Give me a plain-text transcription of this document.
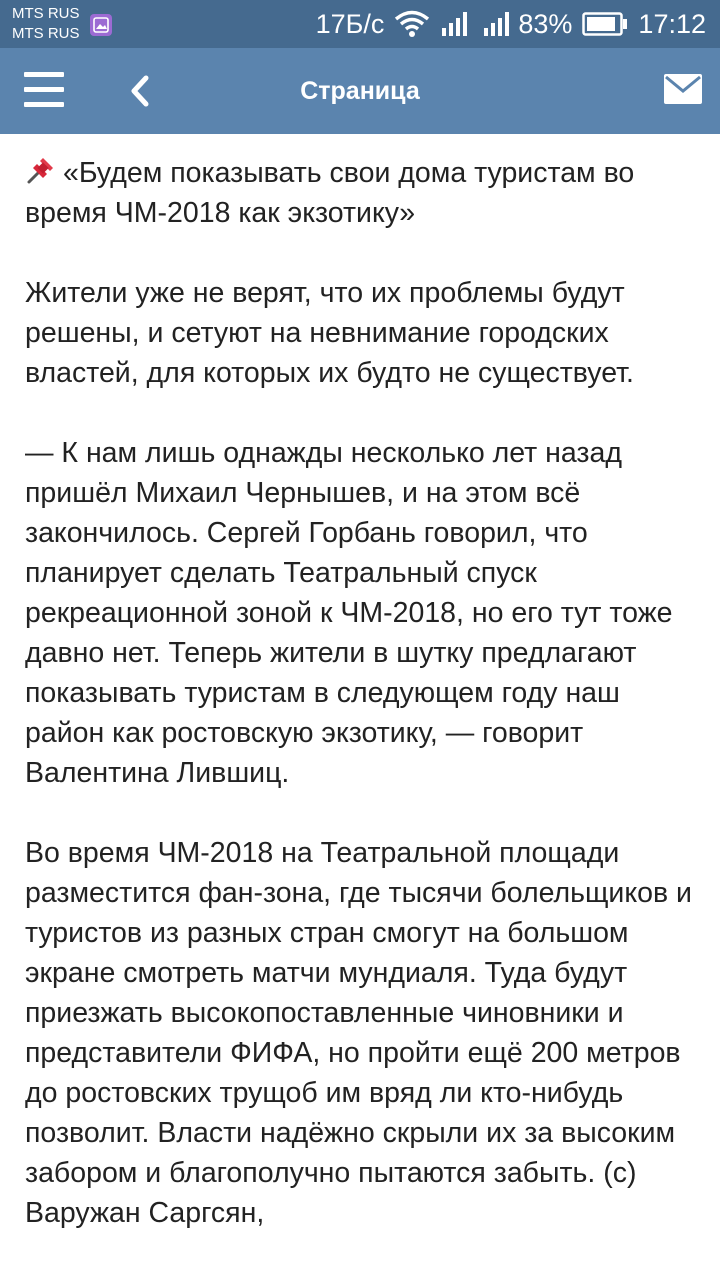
MTS RUS
MTS RUS	17Б/с	83% 17:12
Страница

«Будем показывать свои дома туристам во время ЧМ-2018 как экзотику»

Жители уже не верят, что их проблемы будут решены, и сетуют на невнимание городских властей, для которых их будто не существует.

— К нам лишь однажды несколько лет назад пришёл Михаил Чернышев, и на этом всё закончилось. Сергей Горбань говорил, что планирует сделать Театральный спуск рекреационной зоной к ЧМ-2018, но его тут тоже давно нет. Теперь жители в шутку предлагают показывать туристам в следующем году наш район как ростовскую экзотику, — говорит Валентина Лившиц.

Во время ЧМ-2018 на Театральной площади разместится фан-зона, где тысячи болельщиков и туристов из разных стран смогут на большом экране смотреть матчи мундиаля. Туда будут приезжать высокопоставленные чиновники и представители ФИФА, но пройти ещё 200 метров до ростовских трущоб им вряд ли кто-нибудь позволит. Власти надёжно скрыли их за высоким забором и благополучно пытаются забыть. (с) Варужан Саргсян,
